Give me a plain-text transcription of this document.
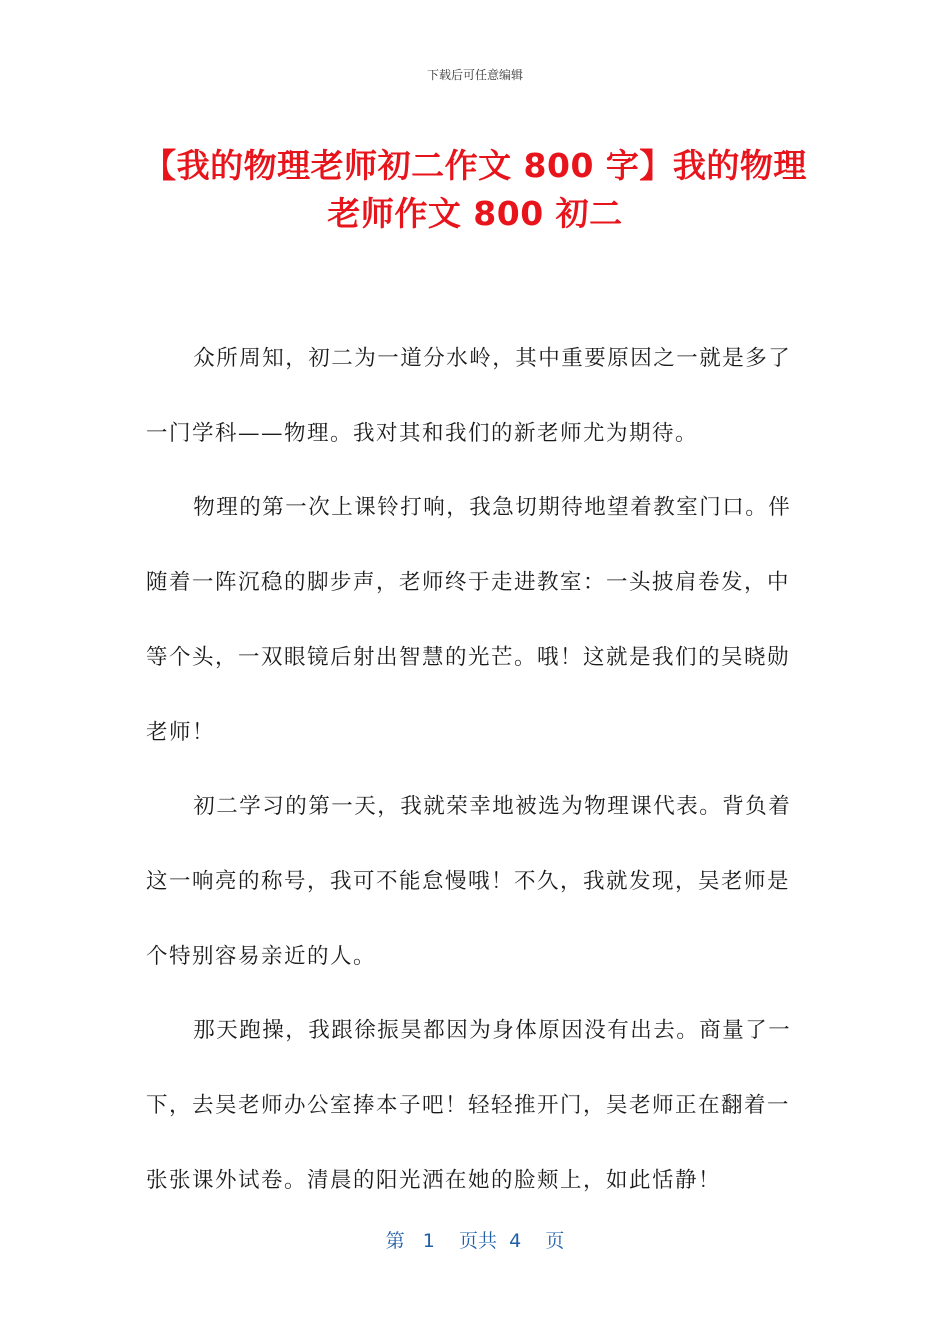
下载后可任意编辑
【我的物理老师初二作文 800 字】我的物理老师作文 800 初二

众所周知，初二为一道分水岭，其中重要原因之一就是多了一门学科——物理。我对其和我们的新老师尤为期待。

物理的第一次上课铃打响，我急切期待地望着教室门口。伴随着一阵沉稳的脚步声，老师终于走进教室：一头披肩卷发，中等个头，一双眼镜后射出智慧的光芒。哦！这就是我们的吴晓勋老师！

初二学习的第一天，我就荣幸地被选为物理课代表。背负着这一响亮的称号，我可不能怠慢哦！不久，我就发现，吴老师是个特别容易亲近的人。

那天跑操，我跟徐振昊都因为身体原因没有出去。商量了一下，去吴老师办公室捧本子吧！轻轻推开门，吴老师正在翻着一张张课外试卷。清晨的阳光洒在她的脸颊上，如此恬静！

第 1 页共 4 页
